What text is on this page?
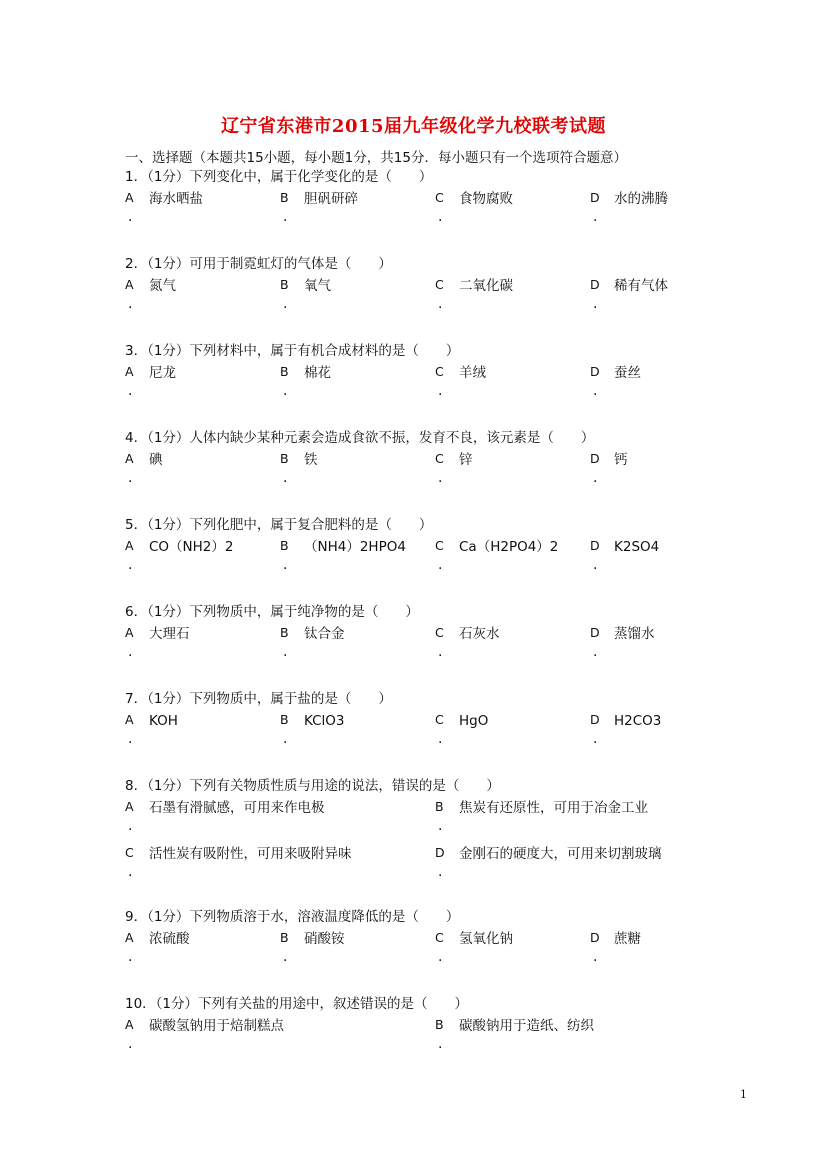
辽宁省东港市2015届九年级化学九校联考试题
一、选择题（本题共15小题，每小题1分，共15分．每小题只有一个选项符合题意）
1．（1分）下列变化中，属于化学变化的是（　　）
A
.
海水晒盐	B
.
胆矾研碎	C
.
食物腐败	D
.
水的沸腾
2．（1分）可用于制霓虹灯的气体是（　　）
A
.
氮气	B
.
氧气	C
.
二氧化碳	D
.
稀有气体
3．（1分）下列材料中，属于有机合成材料的是（　　）
A
.
尼龙	B
.
棉花	C
.
羊绒	D
.
蚕丝
4．（1分）人体内缺少某种元素会造成食欲不振，发育不良，该元素是（　　）
A
.
碘	B
.
铁	C
.
锌	D
.
钙
5．（1分）下列化肥中，属于复合肥料的是（　　）
A
.
CO（NH2）2	B
.
（NH4）2HPO4 C
.
Ca（H2PO4）2	D
.
K2SO4
6．（1分）下列物质中，属于纯净物的是（　　）
A
.
大理石	B
.
钛合金	C
.
石灰水	D
.
蒸馏水
7．（1分）下列物质中，属于盐的是（　　）
A
.
KOH	B
.
KClO3	C
.
HgO	D
.
H2CO3
8．（1分）下列有关物质性质与用途的说法，错误的是（　　）
A
.
石墨有滑腻感，可用来作电极	B
.
焦炭有还原性，可用于冶金工业
C
.
活性炭有吸附性，可用来吸附异味	D
.
金刚石的硬度大，可用来切割玻璃
9．（1分）下列物质溶于水，溶液温度降低的是（　　）
A
.
浓硫酸	B
.
硝酸铵	C
.
氢氧化钠	D
.
蔗糖
10．（1分）下列有关盐的用途中，叙述错误的是（　　）
A
.
碳酸氢钠用于焙制糕点	B
.
碳酸钠用于造纸、纺织
1
